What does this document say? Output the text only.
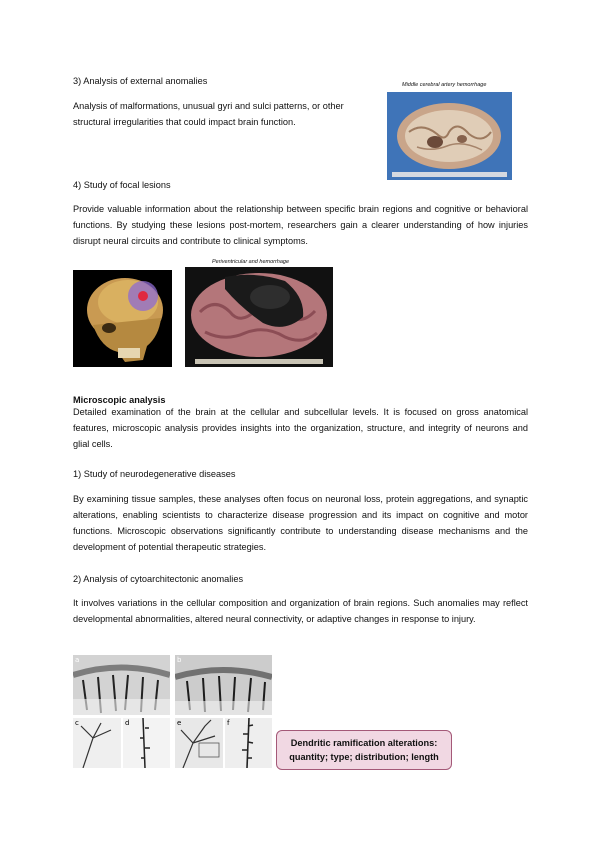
3) Analysis of external anomalies
Analysis of malformations, unusual gyri and sulci patterns, or other structural irregularities that could impact brain function.
Middle cerebral artery hemorrhage
4) Study of focal lesions
Provide valuable information about the relationship between specific brain regions and cognitive or behavioral functions. By studying these lesions post-mortem, researchers gain a clearer understanding of how injuries disrupt neural circuits and contribute to clinical symptoms.
Periventricular and hemorrhage
Microscopic analysis
Detailed examination of the brain at the cellular and subcellular levels. It is focused on gross anatomical features, microscopic analysis provides insights into the organization, structure, and integrity of neurons and glial cells.
1) Study of neurodegenerative diseases
By examining tissue samples, these analyses often focus on neuronal loss, protein aggregations, and synaptic alterations, enabling scientists to characterize disease progression and its impact on cognitive and motor functions. Microscopic observations significantly contribute to understanding disease mechanisms and the development of potential therapeutic strategies.
2) Analysis of cytoarchitectonic anomalies
It involves variations in the cellular composition and organization of brain regions. Such anomalies may reflect developmental abnormalities, altered neural connectivity, or adaptive changes in response to injury.
a	b
c	d	e	f
Dendritic ramification alterations:
quantity; type; distribution; length
